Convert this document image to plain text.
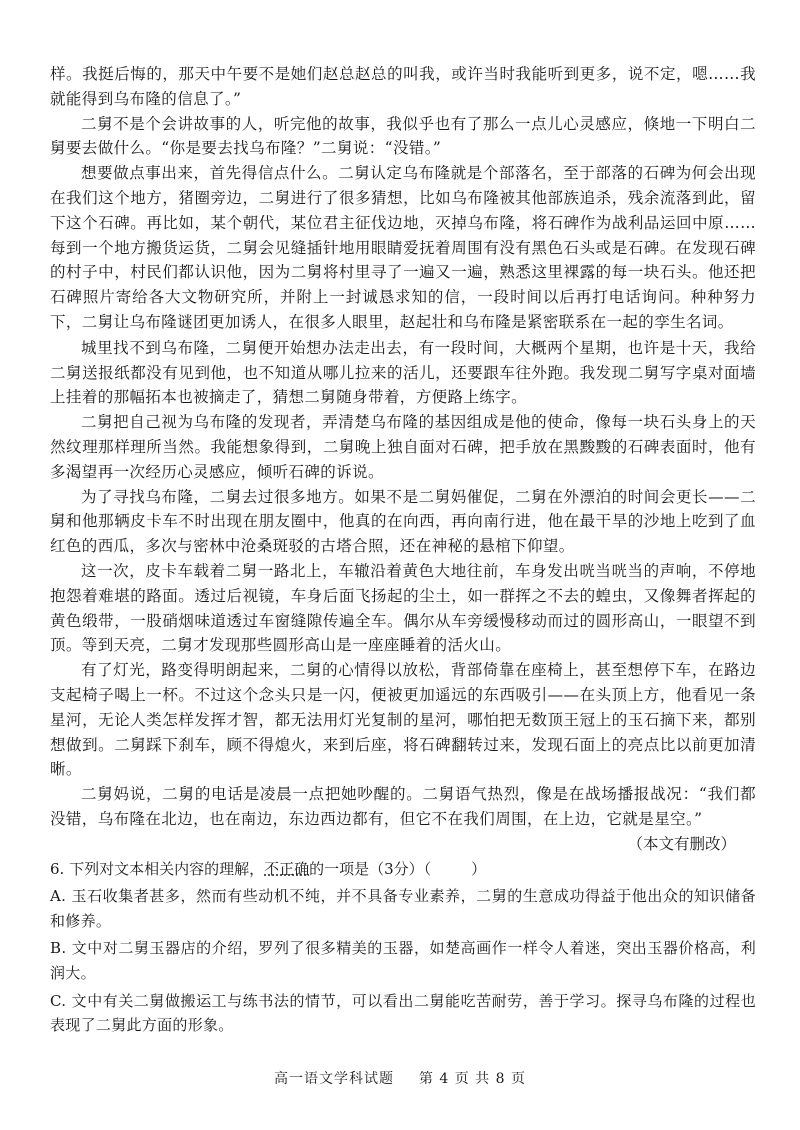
样。我挺后悔的，那天中午要不是她们赵总赵总的叫我，或许当时我能听到更多，说不定，嗯……我就能得到乌布隆的信息了。”

二舅不是个会讲故事的人，听完他的故事，我似乎也有了那么一点儿心灵感应，倏地一下明白二舅要去做什么。“你是要去找乌布隆？”二舅说：“没错。”

想要做点事出来，首先得信点什么。二舅认定乌布隆就是个部落名，至于部落的石碑为何会出现在我们这个地方，猪圈旁边，二舅进行了很多猜想，比如乌布隆被其他部族追杀，残余流落到此，留下这个石碑。再比如，某个朝代，某位君主征伐边地，灭掉乌布隆，将石碑作为战利品运回中原……每到一个地方搬货运货，二舅会见缝插针地用眼睛爱抚着周围有没有黑色石头或是石碑。在发现石碑的村子中，村民们都认识他，因为二舅将村里寻了一遍又一遍，熟悉这里裸露的每一块石头。他还把石碑照片寄给各大文物研究所，并附上一封诚恳求知的信，一段时间以后再打电话询问。种种努力下，二舅让乌布隆谜团更加诱人，在很多人眼里，赵起壮和乌布隆是紧密联系在一起的孪生名词。

城里找不到乌布隆，二舅便开始想办法走出去，有一段时间，大概两个星期，也许是十天，我给二舅送报纸都没有见到他，也不知道从哪儿拉来的活儿，还要跟车往外跑。我发现二舅写字桌对面墙上挂着的那幅拓本也被摘走了，猜想二舅随身带着，方便路上练字。

二舅把自己视为乌布隆的发现者，弄清楚乌布隆的基因组成是他的使命，像每一块石头身上的天然纹理那样理所当然。我能想象得到，二舅晚上独自面对石碑，把手放在黑黢黢的石碑表面时，他有多渴望再一次经历心灵感应，倾听石碑的诉说。

为了寻找乌布隆，二舅去过很多地方。如果不是二舅妈催促，二舅在外漂泊的时间会更长——二舅和他那辆皮卡车不时出现在朋友圈中，他真的在向西，再向南行进，他在最干旱的沙地上吃到了血红色的西瓜，多次与密林中沧桑斑驳的古塔合照，还在神秘的悬棺下仰望。

这一次，皮卡车载着二舅一路北上，车辙沿着黄色大地往前，车身发出咣当咣当的声响，不停地抱怨着难堪的路面。透过后视镜，车身后面飞扬起的尘土，如一群挥之不去的蝗虫，又像舞者挥起的黄色缎带，一股硝烟味道透过车窗缝隙传遍全车。偶尔从车旁缓慢移动而过的圆形高山，一眼望不到顶。等到天亮，二舅才发现那些圆形高山是一座座睡着的活火山。

有了灯光，路变得明朗起来，二舅的心情得以放松，背部倚靠在座椅上，甚至想停下车，在路边支起椅子喝上一杯。不过这个念头只是一闪，便被更加遥远的东西吸引——在头顶上方，他看见一条星河，无论人类怎样发挥才智，都无法用灯光复制的星河，哪怕把无数顶王冠上的玉石摘下来，都别想做到。二舅踩下刹车，顾不得熄火，来到后座，将石碑翻转过来，发现石面上的亮点比以前更加清晰。

二舅妈说，二舅的电话是凌晨一点把她吵醒的。二舅语气热烈，像是在战场播报战况：“我们都没错，乌布隆在北边，也在南边，东边西边都有，但它不在我们周围，在上边，它就是星空。”

（本文有删改）

6. 下列对文本相关内容的理解，不正确的一项是（3分）（	）

A. 玉石收集者甚多，然而有些动机不纯，并不具备专业素养，二舅的生意成功得益于他出众的知识储备和修养。

B. 文中对二舅玉器店的介绍，罗列了很多精美的玉器，如楚高画作一样令人着迷，突出玉器价格高，利润大。

C. 文中有关二舅做搬运工与练书法的情节，可以看出二舅能吃苦耐劳，善于学习。探寻乌布隆的过程也表现了二舅此方面的形象。

高一语文学科试题 第 4 页 共 8 页
